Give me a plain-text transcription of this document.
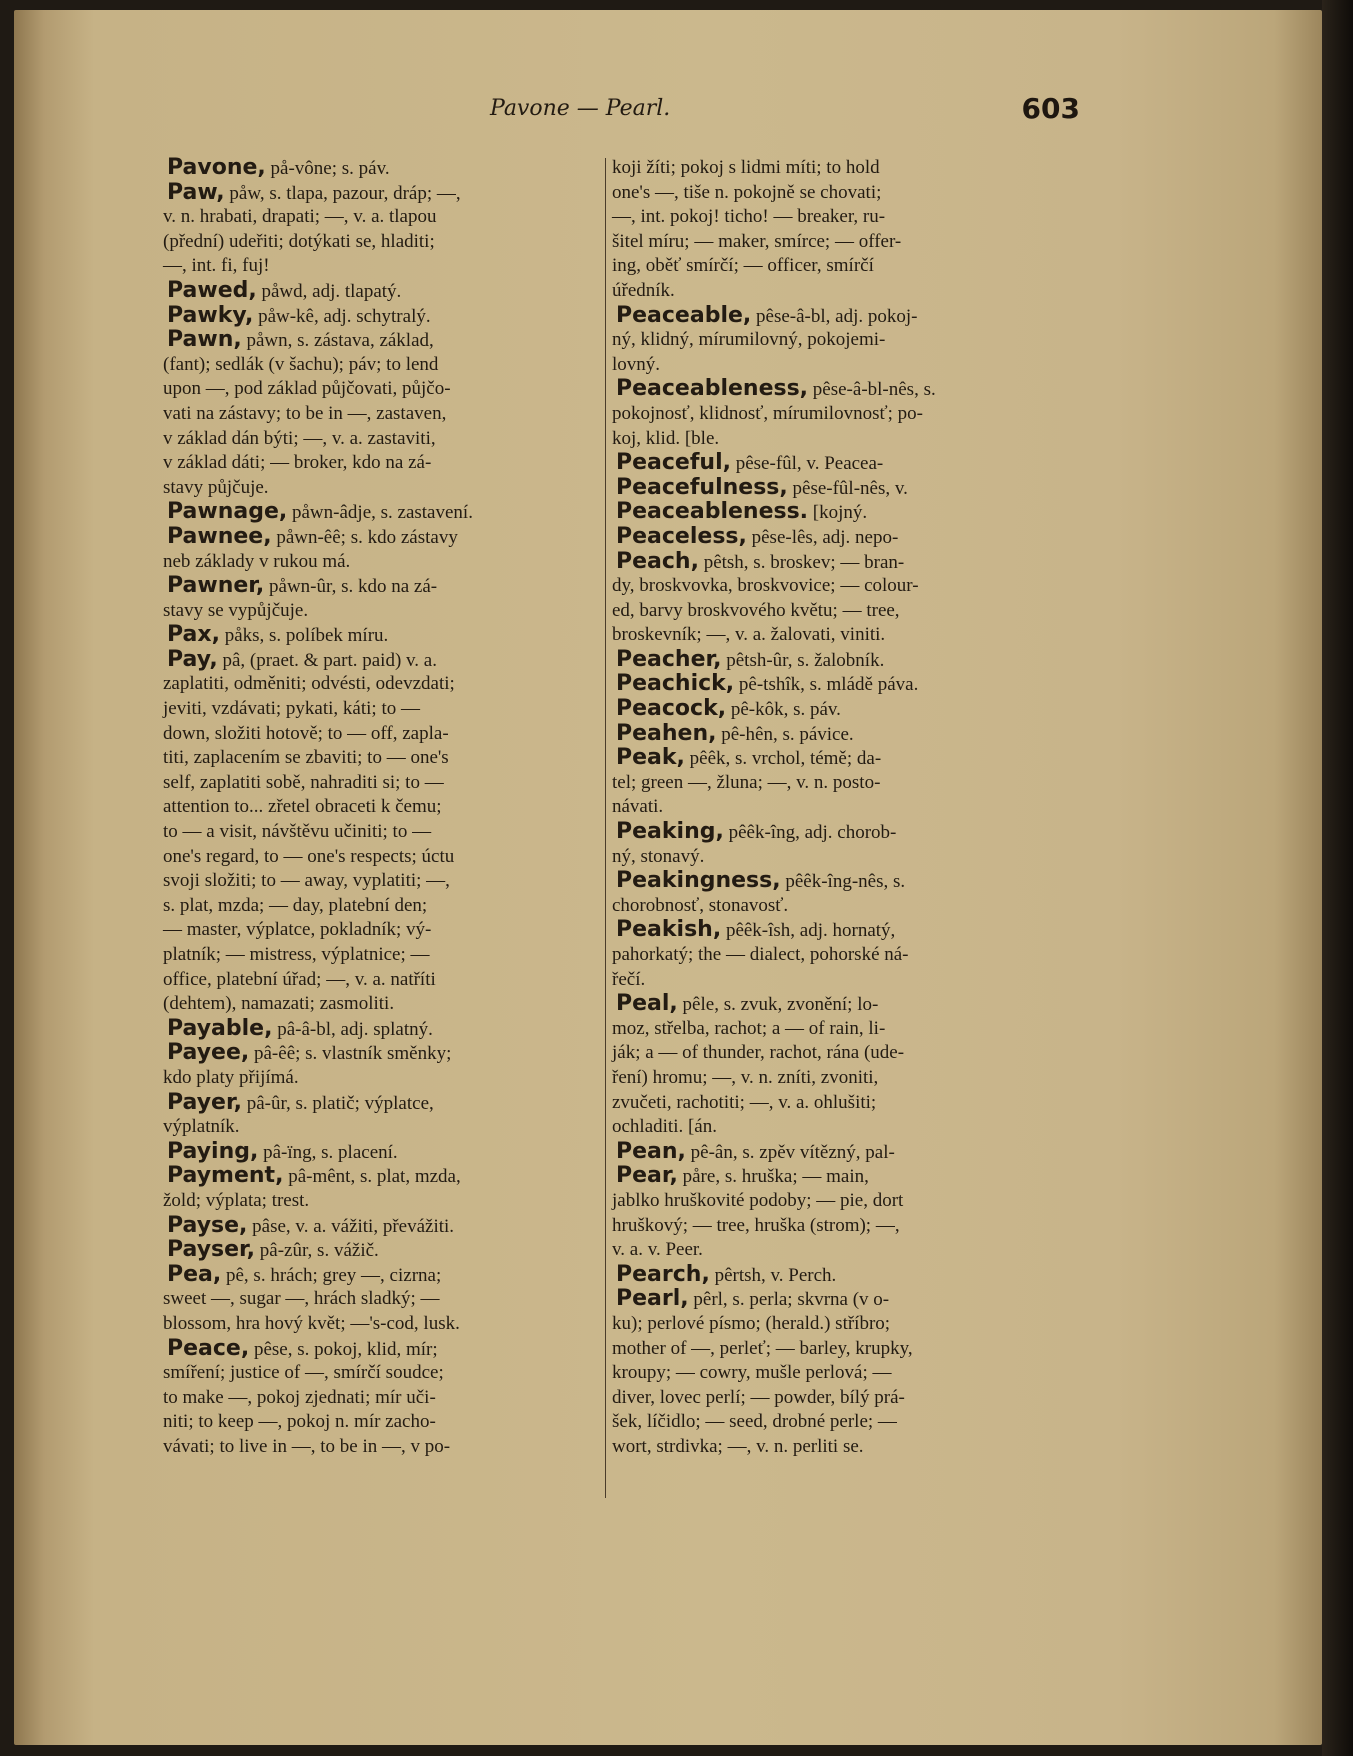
Pavone — Pearl.	603
Pavone, på-vône; s. páv.
Paw, påw, s. tlapa, pazour, dráp; —,
v. n. hrabati, drapati; —, v. a. tlapou
(přední) udeřiti; dotýkati se, hladiti;
—, int. fi, fuj!
Pawed, påwd, adj. tlapatý.
Pawky, påw-kê, adj. schytralý.
Pawn, påwn, s. zástava, základ,
(fant); sedlák (v šachu); páv; to lend
upon —, pod základ půjčovati, půjčo-
vati na zástavy; to be in —, zastaven,
v základ dán býti; —, v. a. zastaviti,
v základ dáti; — broker, kdo na zá-
stavy půjčuje.
Pawnage, påwn-âdje, s. zastavení.
Pawnee, påwn-êê; s. kdo zástavy
neb základy v rukou má.
Pawner, påwn-ûr, s. kdo na zá-
stavy se vypůjčuje.
Pax, påks, s. políbek míru.
Pay, pâ, (praet. & part. paid) v. a.
zaplatiti, odměniti; odvésti, odevzdati;
jeviti, vzdávati; pykati, káti; to —
down, složiti hotově; to — off, zapla-
titi, zaplacením se zbaviti; to — one's
self, zaplatiti sobě, nahraditi si; to —
attention to... zřetel obraceti k čemu;
to — a visit, návštěvu učiniti; to —
one's regard, to — one's respects; úctu
svoji složiti; to — away, vyplatiti; —,
s. plat, mzda; — day, platební den;
— master, výplatce, pokladník; vý-
platník; — mistress, výplatnice; —
office, platební úřad; —, v. a. natříti
(dehtem), namazati; zasmoliti.
Payable, pâ-â-bl, adj. splatný.
Payee, pâ-êê; s. vlastník směnky;
kdo platy přijímá.
Payer, pâ-ûr, s. platič; výplatce,
výplatník.
Paying, pâ-ïng, s. placení.
Payment, pâ-mênt, s. plat, mzda,
žold; výplata; trest.
Payse, pâse, v. a. vážiti, převážiti.
Payser, pâ-zûr, s. vážič.
Pea, pê, s. hrách; grey —, cizrna;
sweet —, sugar —, hrách sladký; —
blossom, hra hový květ; —'s-cod, lusk.
Peace, pêse, s. pokoj, klid, mír;
smíření; justice of —, smírčí soudce;
to make —, pokoj zjednati; mír uči-
niti; to keep —, pokoj n. mír zacho-
vávati; to live in —, to be in —, v po-
koji žíti; pokoj s lidmi míti; to hold
one's —, tiše n. pokojně se chovati;
—, int. pokoj! ticho! — breaker, ru-
šitel míru; — maker, smírce; — offer-
ing, oběť smírčí; — officer, smírčí
úředník.
Peaceable, pêse-â-bl, adj. pokoj-
ný, klidný, mírumilovný, pokojemi-
lovný.
Peaceableness, pêse-â-bl-nês, s.
pokojnosť, klidnosť, mírumilovnosť; po-
koj, klid. [ble.
Peaceful, pêse-fûl, v. Peacea-
Peacefulness, pêse-fûl-nês, v.
Peaceableness. [kojný.
Peaceless, pêse-lês, adj. nepo-
Peach, pêtsh, s. broskev; — bran-
dy, broskvovka, broskvovice; — colour-
ed, barvy broskvového květu; — tree,
broskevník; —, v. a. žalovati, viniti.
Peacher, pêtsh-ûr, s. žalobník.
Peachick, pê-tshîk, s. mládě páva.
Peacock, pê-kôk, s. páv.
Peahen, pê-hên, s. pávice.
Peak, pêêk, s. vrchol, témě; da-
tel; green —, žluna; —, v. n. posto-
návati.
Peaking, pêêk-îng, adj. chorob-
ný, stonavý.
Peakingness, pêêk-îng-nês, s.
chorobnosť, stonavosť.
Peakish, pêêk-îsh, adj. hornatý,
pahorkatý; the — dialect, pohorské ná-
řečí.
Peal, pêle, s. zvuk, zvonění; lo-
moz, střelba, rachot; a — of rain, li-
ják; a — of thunder, rachot, rána (ude-
ření) hromu; —, v. n. zníti, zvoniti,
zvučeti, rachotiti; —, v. a. ohlušiti;
ochladiti. [án.
Pean, pê-ân, s. zpěv vítězný, pal-
Pear, påre, s. hruška; — main,
jablko hruškovité podoby; — pie, dort
hruškový; — tree, hruška (strom); —,
v. a. v. Peer.
Pearch, pêrtsh, v. Perch.
Pearl, pêrl, s. perla; skvrna (v o-
ku); perlové písmo; (herald.) stříbro;
mother of —, perleť; — barley, krupky,
kroupy; — cowry, mušle perlová; —
diver, lovec perlí; — powder, bílý prá-
šek, líčidlo; — seed, drobné perle; —
wort, strdivka; —, v. n. perliti se.
